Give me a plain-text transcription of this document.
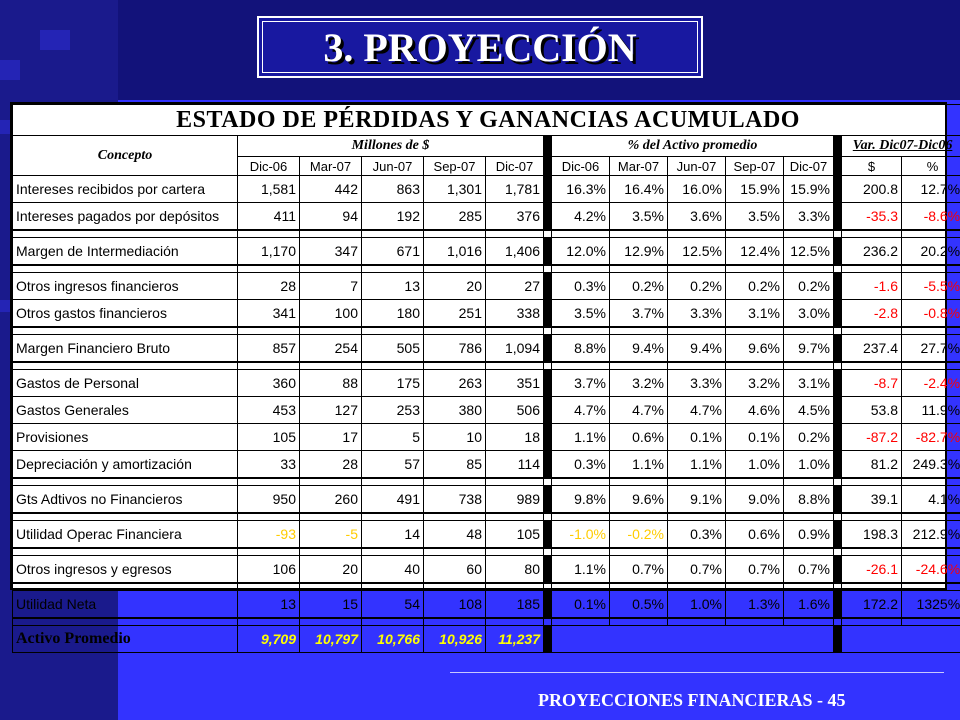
3. PROYECCIÓN
ESTADO DE PÉRDIDAS Y GANANCIAS ACUMULADO														
Concepto	Millones de $						% del Activo promedio						Var. Dic07-Dic06	
	Dic-06	Mar-07	Jun-07	Sep-07	Dic-07		Dic-06	Mar-07	Jun-07	Sep-07	Dic-07		$	%
Intereses recibidos por cartera	1,581	442	863	1,301	1,781		16.3%	16.4%	16.0%	15.9%	15.9%		200.8	12.7%
Intereses pagados por depósitos	411	94	192	285	376		4.2%	3.5%	3.6%	3.5%	3.3%		-35.3	-8.6%

Margen de Intermediación	1,170	347	671	1,016	1,406		12.0%	12.9%	12.5%	12.4%	12.5%		236.2	20.2%

Otros ingresos financieros	28	7	13	20	27		0.3%	0.2%	0.2%	0.2%	0.2%		-1.6	-5.5%
Otros gastos financieros	341	100	180	251	338		3.5%	3.7%	3.3%	3.1%	3.0%		-2.8	-0.8%

Margen Financiero Bruto	857	254	505	786	1,094		8.8%	9.4%	9.4%	9.6%	9.7%		237.4	27.7%

Gastos de Personal	360	88	175	263	351		3.7%	3.2%	3.3%	3.2%	3.1%		-8.7	-2.4%
Gastos Generales	453	127	253	380	506		4.7%	4.7%	4.7%	4.6%	4.5%		53.8	11.9%
Provisiones	105	17	5	10	18		1.1%	0.6%	0.1%	0.1%	0.2%		-87.2	-82.7%
Depreciación y amortización	33	28	57	85	114		0.3%	1.1%	1.1%	1.0%	1.0%		81.2	249.3%

Gts Adtivos no Financieros	950	260	491	738	989		9.8%	9.6%	9.1%	9.0%	8.8%		39.1	4.1%

Utilidad Operac Financiera	-93	-5	14	48	105		-1.0%	-0.2%	0.3%	0.6%	0.9%		198.3	212.9%

Otros ingresos y egresos	106	20	40	60	80		1.1%	0.7%	0.7%	0.7%	0.7%		-26.1	-24.6%

Utilidad Neta	13	15	54	108	185		0.1%	0.5%	1.0%	1.3%	1.6%		172.2	1325%

Activo Promedio	9,709	10,797	10,766	10,926	11,237									
PROYECCIONES FINANCIERAS - 45
